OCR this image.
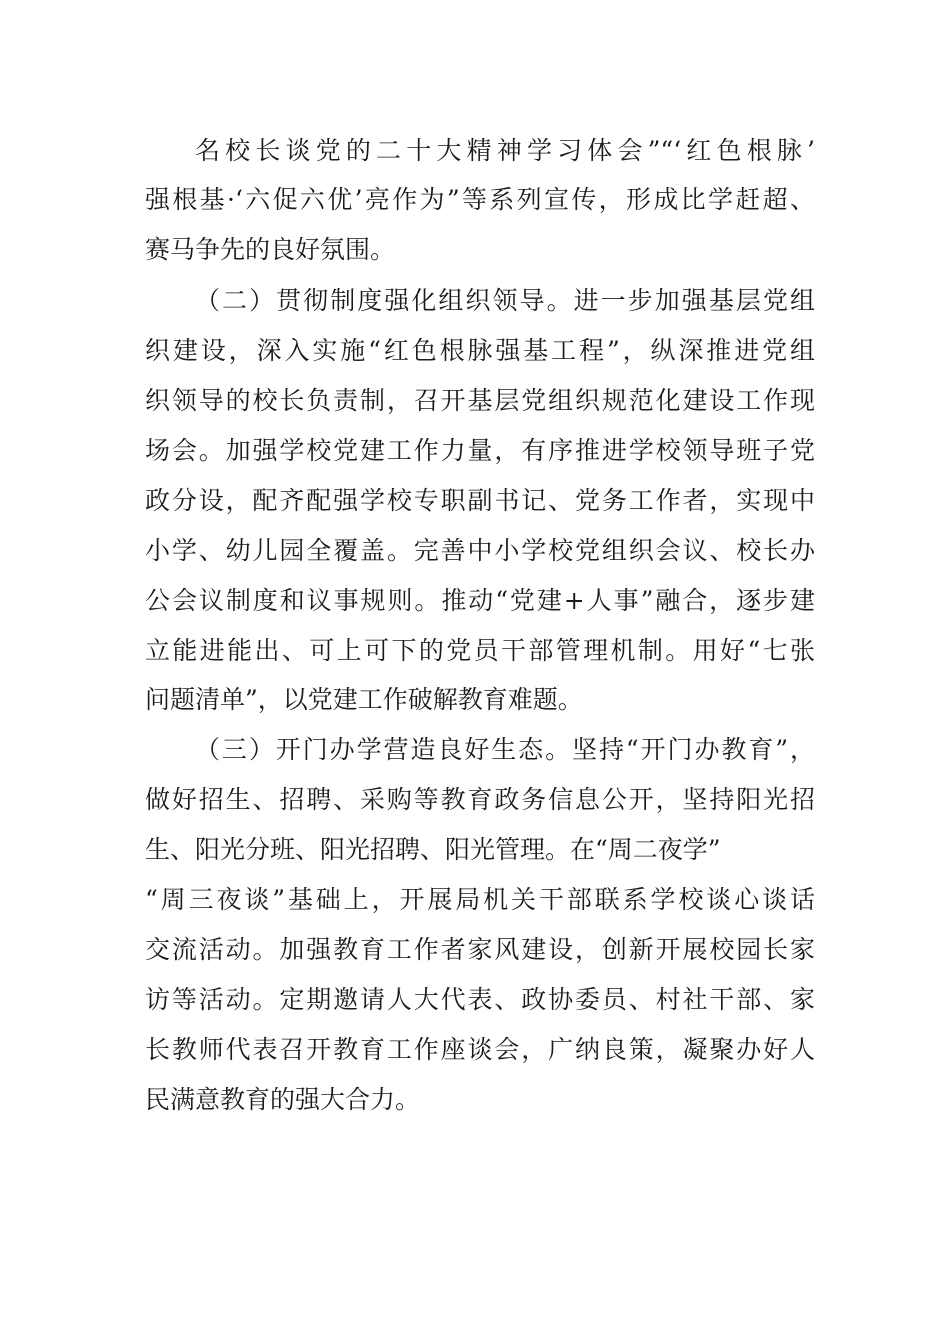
名校长谈党的二十大精神学习体会”“‘红色根脉’
强根基·‘六促六优’亮作为”等系列宣传，形成比学赶超、
赛马争先的良好氛围。
（二）贯彻制度强化组织领导。进一步加强基层党组
织建设，深入实施“红色根脉强基工程”，纵深推进党组
织领导的校长负责制，召开基层党组织规范化建设工作现
场会。加强学校党建工作力量，有序推进学校领导班子党
政分设，配齐配强学校专职副书记、党务工作者，实现中
小学、幼儿园全覆盖。完善中小学校党组织会议、校长办
公会议制度和议事规则。推动“党建+人事”融合，逐步建
立能进能出、可上可下的党员干部管理机制。用好“七张
问题清单”，以党建工作破解教育难题。
（三）开门办学营造良好生态。坚持“开门办教育”，
做好招生、招聘、采购等教育政务信息公开，坚持阳光招
生、阳光分班、阳光招聘、阳光管理。在“周二夜学”
“周三夜谈”基础上，开展局机关干部联系学校谈心谈话
交流活动。加强教育工作者家风建设，创新开展校园长家
访等活动。定期邀请人大代表、政协委员、村社干部、家
长教师代表召开教育工作座谈会，广纳良策，凝聚办好人
民满意教育的强大合力。
